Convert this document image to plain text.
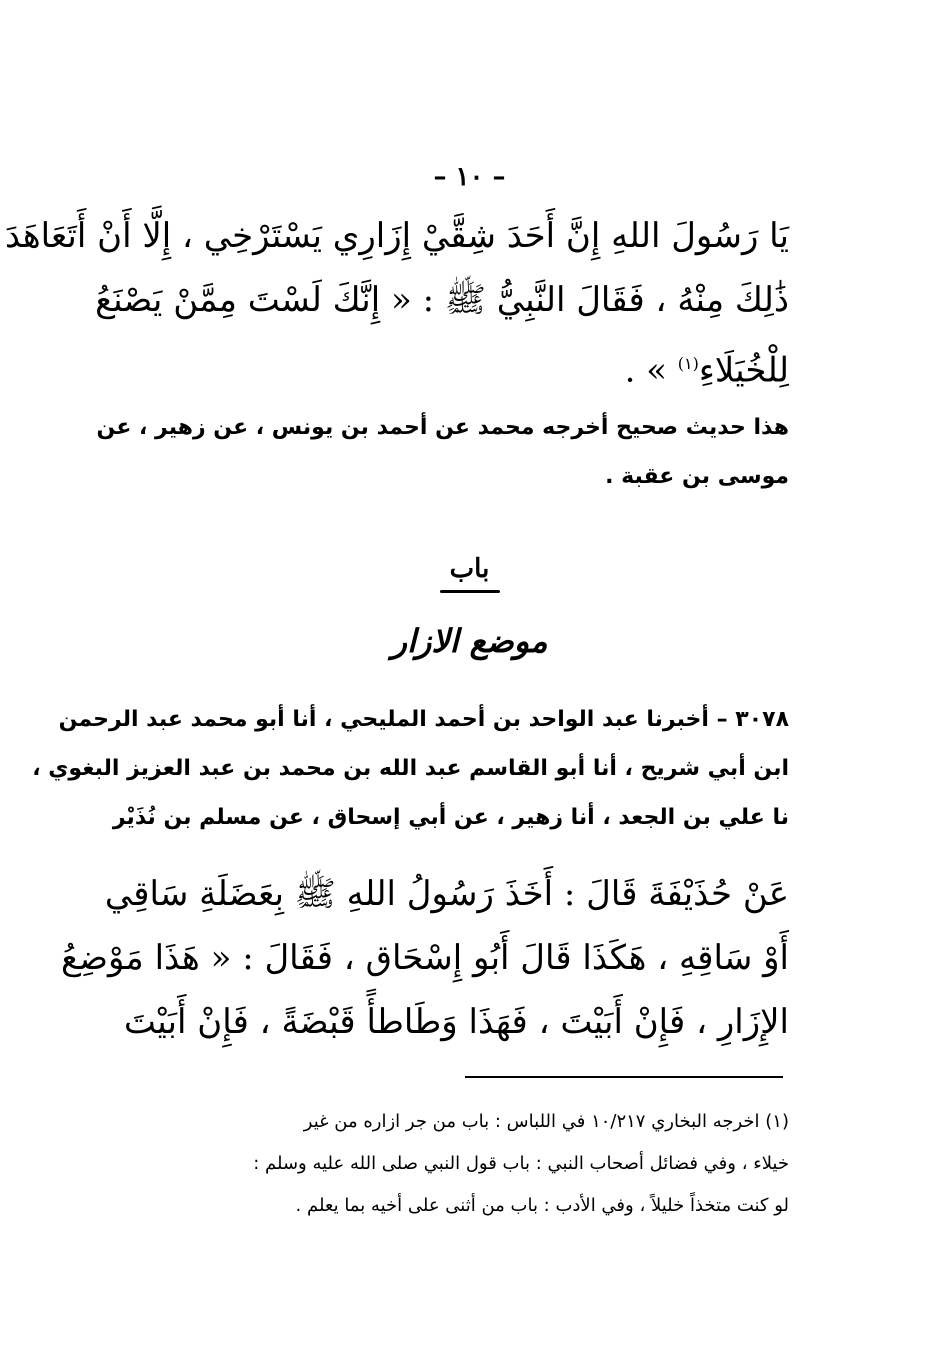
– ١٠ –
يَا رَسُولَ اللهِ إِنَّ أَحَدَ شِقَّيْ إِزَارِي يَسْتَرْخِي ، إِلَّا أَنْ أَتَعَاهَدَ
ذَٰلِكَ مِنْهُ ، فَقَالَ النَّبِيُّ ﷺ : « إِنَّكَ لَسْتَ مِمَّنْ يَصْنَعُ
لِلْخُيَلَاءِ$^{(١)}$ » .
هذا حديث صحيح أخرجه محمد عن أحمد بن يونس ، عن زهير ، عن
موسى بن عقبة .
باب
موضع الازار
٣٠٧٨ – أخبرنا عبد الواحد بن أحمد المليحي ، أنا أبو محمد عبد الرحمن
ابن أبي شريح ، أنا أبو القاسم عبد الله بن محمد بن عبد العزيز البغوي ،
نا علي بن الجعد ، أنا زهير ، عن أبي إسحاق ، عن مسلم بن نُذَيْر
عَنْ حُذَيْفَةَ قَالَ : أَخَذَ رَسُولُ اللهِ ﷺ بِعَضَلَةِ سَاقِي
أَوْ سَاقِهِ ، هَكَذَا قَالَ أَبُو إِسْحَاق ، فَقَالَ : « هَذَا مَوْضِعُ
الإِزَارِ ، فَإِنْ أَبَيْتَ ، فَهَذَا وَطَاطأً قَبْضَةً ، فَإِنْ أَبَيْتَ
(١) اخرجه البخاري ١٠/٢١٧ في اللباس : باب من جر ازاره من غير
خيلاء ، وفي فضائل أصحاب النبي : باب قول النبي صلى الله عليه وسلم :
لو كنت متخذاً خليلاً ، وفي الأدب : باب من أثنى على أخيه بما يعلم .
